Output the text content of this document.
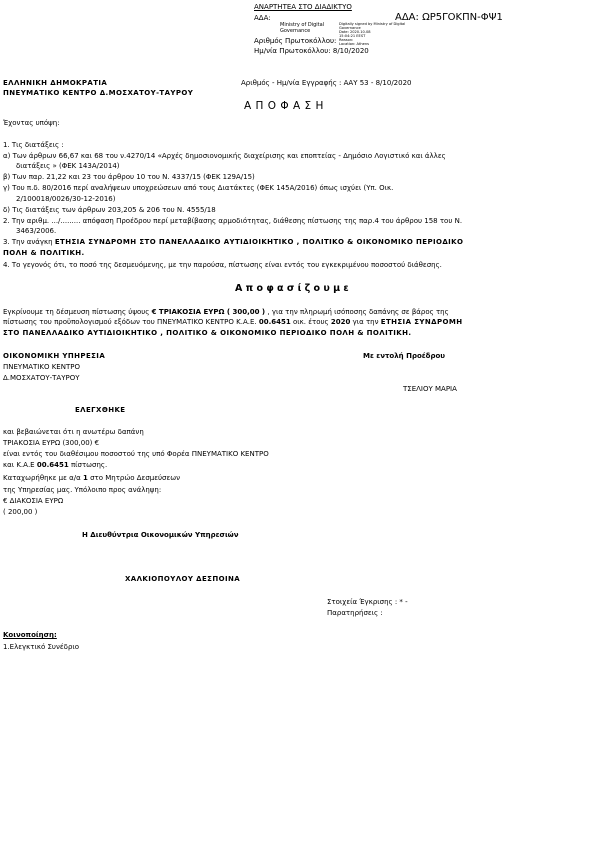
ΑΝΑΡΤΗΤΕΑ ΣΤΟ ΔΙΑΔΙΚΤΥΟ
ΑΔΑ:
Ministry of Digital Governance
Digitally signed by Ministry of Digital
Governance
Date: 2020.10.08
15:04:21 EEST
Reason:
Location: Athens
ΑΔΑ: ΩΡ5ΓΟΚΠΝ-ΦΨ1
Αριθμός Πρωτοκόλλου:
Ημ/νία Πρωτοκόλλου: 8/10/2020
ΕΛΛΗΝΙΚΗ ΔΗΜΟΚΡΑΤΙΑ
ΠΝΕΥΜΑΤΙΚΟ ΚΕΝΤΡΟ Δ.ΜΟΣΧΑΤΟΥ-ΤΑΥΡΟΥ
Αριθμός - Ημ/νία Εγγραφής : ΑΑΥ 53 - 8/10/2020
Α Π Ο Φ Α Σ Η
Έχοντας υπόψη:
1. Τις διατάξεις :
α) Των άρθρων 66,67 και 68 του ν.4270/14 «Αρχές δημοσιονομικής διαχείρισης και εποπτείας - Δημόσιο Λογιστικό και άλλες
διατάξεις » (ΦΕΚ 143Α/2014)
β) Των παρ. 21,22 και 23 του άρθρου 10 του Ν. 4337/15 (ΦΕΚ 129Α/15)
γ) Του π.δ. 80/2016 περί αναλήψεων υποχρεώσεων από τους Διατάκτες (ΦΕΚ 145Α/2016) όπως ισχύει (Υπ. Οικ.
2/100018/0026/30-12-2016)
δ) Τις διατάξεις των άρθρων 203,205 & 206 του Ν. 4555/18
2. Την αριθμ. .../......... απόφαση Προέδρου περί μεταβίβασης αρμοδιότητας, διάθεσης πίστωσης της παρ.4 του άρθρου 158 του Ν.
3463/2006.
3. Την ανάγκη ΕΤΗΣΙΑ ΣΥΝΔΡΟΜΗ ΣΤΟ ΠΑΝΕΛΛΑΔΙΚΟ ΑΥΤΙΔΙΟΙΚΗΤΙΚΟ , ΠΟΛΙΤΙΚΟ & ΟΙΚΟΝΟΜΙΚΟ ΠΕΡΙΟΔΙΚΟ
ΠΟΛΗ & ΠΟΛΙΤΙΚΗ.
4. Το γεγονός ότι, το ποσό της δεσμευόμενης, με την παρούσα, πίστωσης είναι εντός του εγκεκριμένου ποσοστού διάθεσης.
Α π ο φ α σ ί ζ ο υ μ ε
Εγκρίνουμε τη δέσμευση πίστωσης ύψους € ΤΡΙΑΚΟΣΙΑ ΕΥΡΩ ( 300,00 ) , για την πληρωμή ισόποσης δαπάνης σε βάρος της
πίστωσης του προϋπολογισμού εξόδων του ΠΝΕΥΜΑΤΙΚΟ ΚΕΝΤΡΟ Κ.Α.Ε. 00.6451 οικ. έτους 2020 για την ΕΤΗΣΙΑ ΣΥΝΔΡΟΜΗ
ΣΤΟ ΠΑΝΕΛΛΑΔΙΚΟ ΑΥΤΙΔΙΟΙΚΗΤΙΚΟ , ΠΟΛΙΤΙΚΟ & ΟΙΚΟΝΟΜΙΚΟ ΠΕΡΙΟΔΙΚΟ ΠΟΛΗ & ΠΟΛΙΤΙΚΗ.
ΟΙΚΟΝΟΜΙΚΗ ΥΠΗΡΕΣΙΑ
ΠΝΕΥΜΑΤΙΚΟ ΚΕΝΤΡΟ
Δ.ΜΟΣΧΑΤΟΥ-ΤΑΥΡΟΥ
Με εντολή Προέδρου
ΤΣΕΛΙΟΥ ΜΑΡΙΑ
ΕΛΕΓΧΘΗΚΕ
και βεβαιώνεται ότι η ανωτέρω δαπάνη
ΤΡΙΑΚΟΣΙΑ ΕΥΡΩ (300,00) €
είναι εντός του διαθέσιμου ποσοστού της υπό Φορέα ΠΝΕΥΜΑΤΙΚΟ ΚΕΝΤΡΟ
και Κ.Α.Ε 00.6451 πίστωσης.
Καταχωρήθηκε με α/α 1 στο Μητρώο Δεσμεύσεων
της Υπηρεσίας μας. Υπόλοιπο προς ανάληψη:
€ ΔΙΑΚΟΣΙΑ ΕΥΡΩ
( 200,00 )
Η Διευθύντρια Οικονομικών Υπηρεσιών
ΧΑΛΚΙΟΠΟΥΛΟΥ ΔΕΣΠΟΙΝΑ
Στοιχεία Έγκρισης : * -
Παρατηρήσεις :
Κοινοποίηση:
1.Ελεγκτικό Συνέδριο
